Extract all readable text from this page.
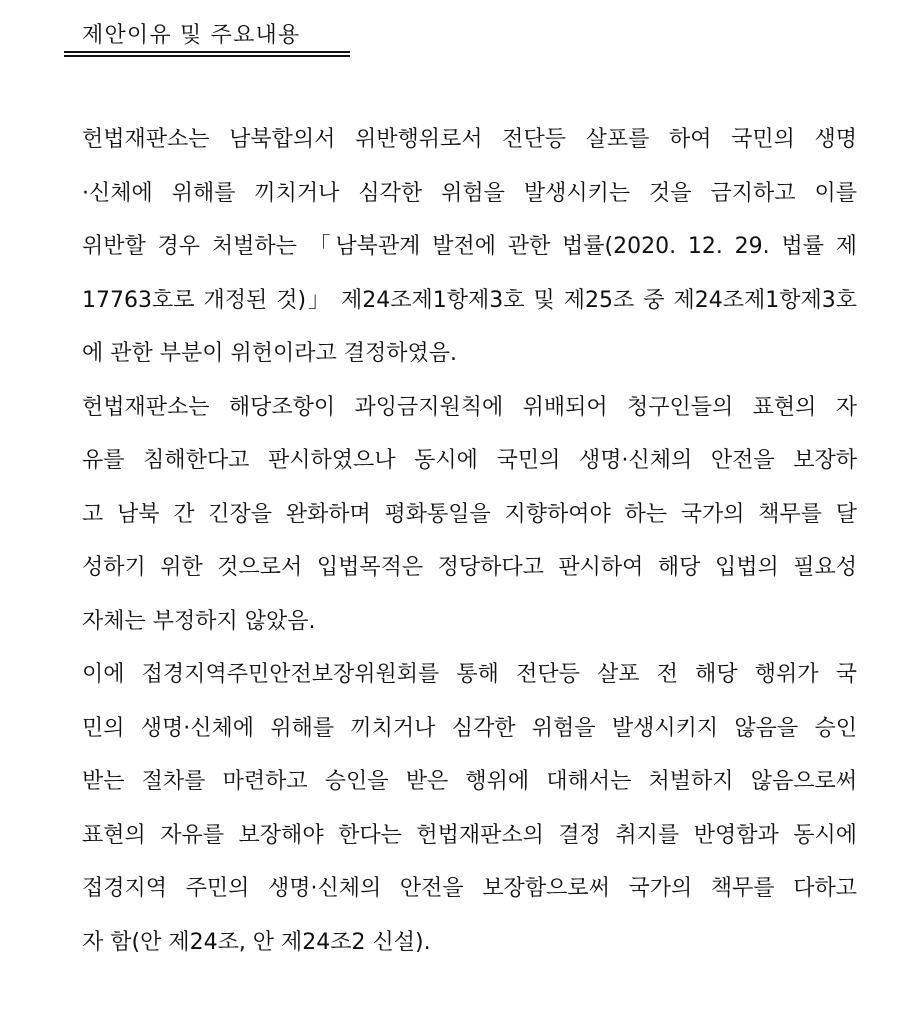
제안이유 및 주요내용
헌법재판소는 남북합의서 위반행위로서 전단등 살포를 하여 국민의 생명
·신체에 위해를 끼치거나 심각한 위험을 발생시키는 것을 금지하고 이를
위반할 경우 처벌하는 「남북관계 발전에 관한 법률(2020. 12. 29. 법률 제
17763호로 개정된 것)」 제24조제1항제3호 및 제25조 중 제24조제1항제3호
에 관한 부분이 위헌이라고 결정하였음.
헌법재판소는 해당조항이 과잉금지원칙에 위배되어 청구인들의 표현의 자
유를 침해한다고 판시하였으나 동시에 국민의 생명·신체의 안전을 보장하
고 남북 간 긴장을 완화하며 평화통일을 지향하여야 하는 국가의 책무를 달
성하기 위한 것으로서 입법목적은 정당하다고 판시하여 해당 입법의 필요성
자체는 부정하지 않았음.
이에 접경지역주민안전보장위원회를 통해 전단등 살포 전 해당 행위가 국
민의 생명·신체에 위해를 끼치거나 심각한 위험을 발생시키지 않음을 승인
받는 절차를 마련하고 승인을 받은 행위에 대해서는 처벌하지 않음으로써
표현의 자유를 보장해야 한다는 헌법재판소의 결정 취지를 반영함과 동시에
접경지역 주민의 생명·신체의 안전을 보장함으로써 국가의 책무를 다하고
자 함(안 제24조, 안 제24조2 신설).
